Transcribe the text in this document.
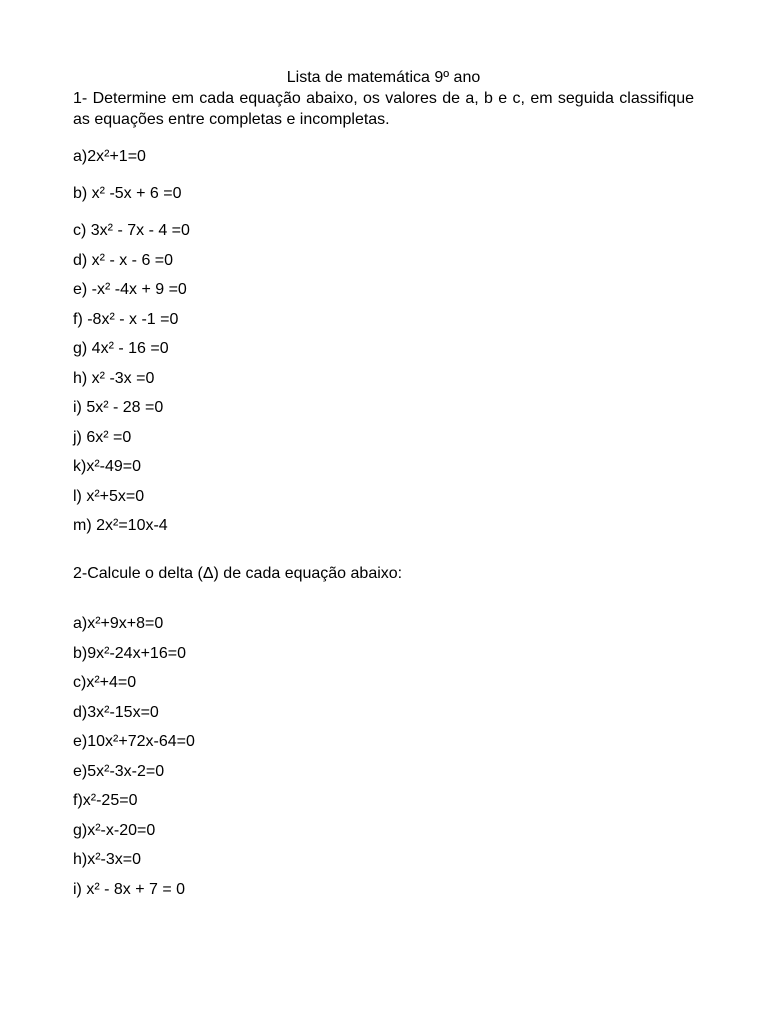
Lista de matemática 9º ano

1- Determine em cada equação abaixo, os valores de a, b e c, em seguida classifique as equações entre completas e incompletas.

a)2x²+1=0
b) x² -5x + 6 =0
c) 3x² - 7x - 4 =0
d) x² - x - 6 =0
e) -x² -4x + 9 =0
f) -8x² - x -1 =0
g) 4x² - 16 =0
h) x² -3x =0
i) 5x² - 28 =0
j) 6x² =0
k)x²-49=0
l) x²+5x=0
m) 2x²=10x-4

2-Calcule o delta (Δ) de cada equação abaixo:

a)x²+9x+8=0
b)9x²-24x+16=0
c)x²+4=0
d)3x²-15x=0
e)10x²+72x-64=0
e)5x²-3x-2=0
f)x²-25=0
g)x²-x-20=0
h)x²-3x=0
i) x² - 8x + 7 = 0
